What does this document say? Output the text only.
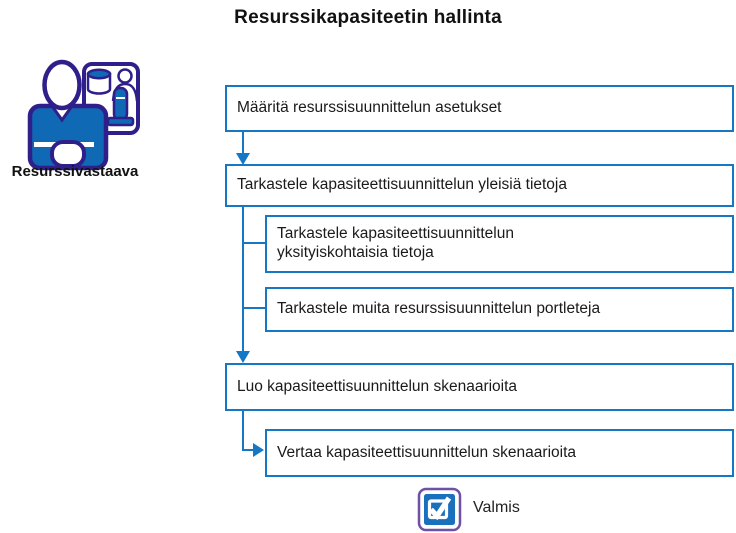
Resurssikapasiteetin hallinta
Resurssivastaava
Määritä resurssisuunnittelun asetukset
Tarkastele kapasiteettisuunnittelun yleisiä tietoja
Tarkastele kapasiteettisuunnittelun yksityiskohtaisia tietoja
Tarkastele muita resurssisuunnittelun portleteja
Luo kapasiteettisuunnittelun skenaarioita
Vertaa kapasiteettisuunnittelun skenaarioita
Valmis
